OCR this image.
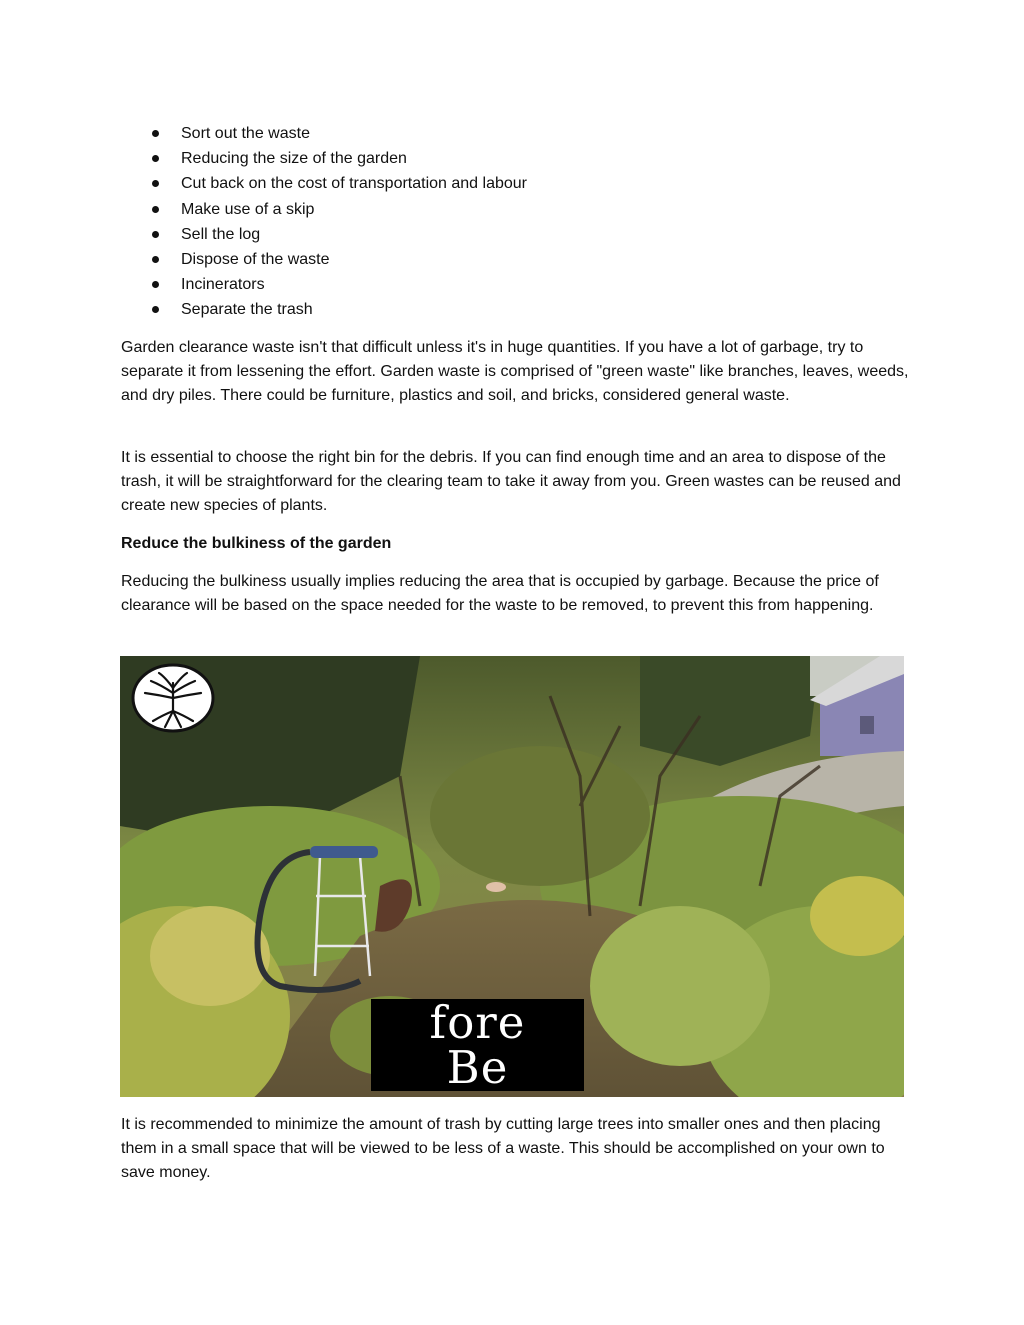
Sort out the waste
Reducing the size of the garden
Cut back on the cost of transportation and labour
Make use of a skip
Sell the log
Dispose of the waste
Incinerators
Separate the trash

Garden clearance waste isn't that difficult unless it's in huge quantities. If you have a lot of garbage, try to separate it from lessening the effort. Garden waste is comprised of "green waste" like branches, leaves, weeds, and dry piles. There could be furniture, plastics and soil, and bricks, considered general waste.

It is essential to choose the right bin for the debris. If you can find enough time and an area to dispose of the trash, it will be straightforward for the clearing team to take it away from you. Green wastes can be reused and create new species of plants.

Reduce the bulkiness of the garden

Reducing the bulkiness usually implies reducing the area that is occupied by garbage. Because the price of clearance will be based on the space needed for the waste to be removed, to prevent this from happening.

fore
Be

It is recommended to minimize the amount of trash by cutting large trees into smaller ones and then placing them in a small space that will be viewed to be less of a waste. This should be accomplished on your own to save money.
